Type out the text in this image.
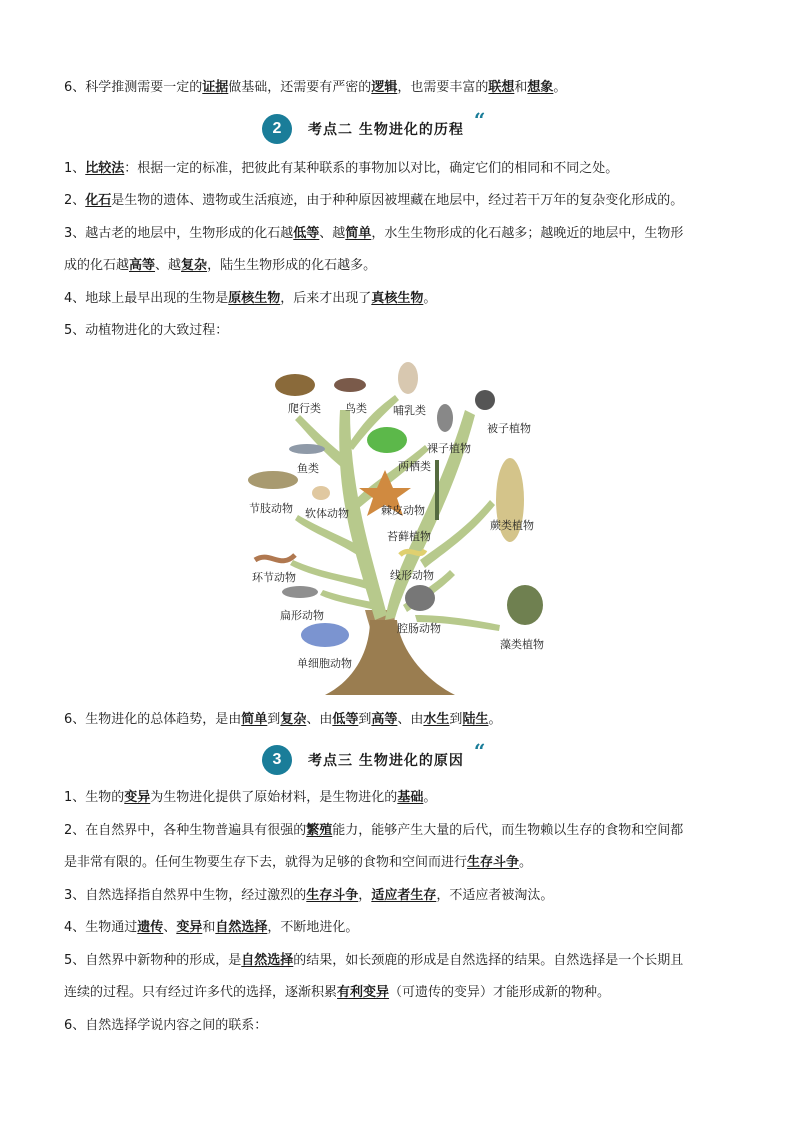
6、科学推测需要一定的证据做基础，还需要有严密的逻辑，也需要丰富的联想和想象。
2	考点二 生物进化的历程 “
1、比较法：根据一定的标准，把彼此有某种联系的事物加以对比，确定它们的相同和不同之处。
2、化石是生物的遗体、遗物或生活痕迹，由于种种原因被埋藏在地层中，经过若干万年的复杂变化形成的。
3、越古老的地层中，生物形成的化石越低等、越简单，水生生物形成的化石越多；越晚近的地层中，生物形
成的化石越高等、越复杂，陆生生物形成的化石越多。
4、地球上最早出现的生物是原核生物，后来才出现了真核生物。
5、动植物进化的大致过程：
爬行类 鸟类 哺乳类
被子植物
裸子植物
鱼类	两栖类
节肢动物 软体动物	棘皮动物
苔藓植物
蕨类植物
环节动物	线形动物
扁形动物
腔肠动物
藻类植物
单细胞动物
6、生物进化的总体趋势，是由简单到复杂、由低等到高等、由水生到陆生。
3	考点三 生物进化的原因 “
1、生物的变异为生物进化提供了原始材料，是生物进化的基础。
2、在自然界中，各种生物普遍具有很强的繁殖能力，能够产生大量的后代，而生物赖以生存的食物和空间都
是非常有限的。任何生物要生存下去，就得为足够的食物和空间而进行生存斗争。
3、自然选择指自然界中生物，经过激烈的生存斗争，适应者生存，不适应者被淘汰。
4、生物通过遗传、变异和自然选择，不断地进化。
5、自然界中新物种的形成，是自然选择的结果，如长颈鹿的形成是自然选择的结果。自然选择是一个长期且
连续的过程。只有经过许多代的选择，逐渐积累有利变异（可遗传的变异）才能形成新的物种。
6、自然选择学说内容之间的联系：
